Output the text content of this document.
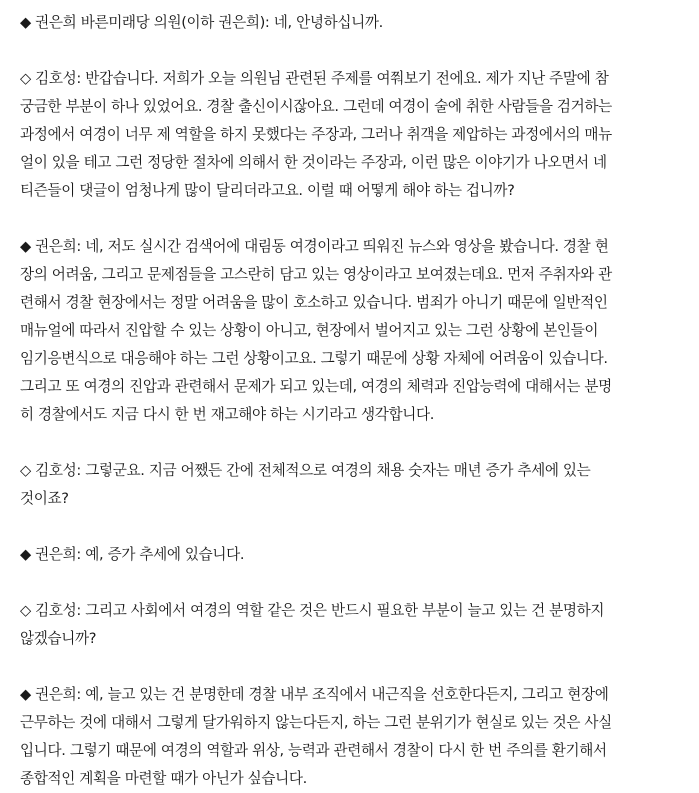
◆ 권은희 바른미래당 의원(이하 권은희): 네, 안녕하십니까.
◇ 김호성: 반갑습니다. 저희가 오늘 의원님 관련된 주제를 여쭤보기 전에요. 제가 지난 주말에 참
궁금한 부분이 하나 있었어요. 경찰 출신이시잖아요. 그런데 여경이 술에 취한 사람들을 검거하는
과정에서 여경이 너무 제 역할을 하지 못했다는 주장과, 그러나 취객을 제압하는 과정에서의 매뉴
얼이 있을 테고 그런 정당한 절차에 의해서 한 것이라는 주장과, 이런 많은 이야기가 나오면서 네
티즌들이 댓글이 엄청나게 많이 달리더라고요. 이럴 때 어떻게 해야 하는 겁니까?
◆ 권은희: 네, 저도 실시간 검색어에 대림동 여경이라고 띄워진 뉴스와 영상을 봤습니다. 경찰 현
장의 어려움, 그리고 문제점들을 고스란히 담고 있는 영상이라고 보여졌는데요. 먼저 주취자와 관
련해서 경찰 현장에서는 정말 어려움을 많이 호소하고 있습니다. 범죄가 아니기 때문에 일반적인
매뉴얼에 따라서 진압할 수 있는 상황이 아니고, 현장에서 벌어지고 있는 그런 상황에 본인들이
임기응변식으로 대응해야 하는 그런 상황이고요. 그렇기 때문에 상황 자체에 어려움이 있습니다.
그리고 또 여경의 진압과 관련해서 문제가 되고 있는데, 여경의 체력과 진압능력에 대해서는 분명
히 경찰에서도 지금 다시 한 번 재고해야 하는 시기라고 생각합니다.
◇ 김호성: 그렇군요. 지금 어쨌든 간에 전체적으로 여경의 채용 숫자는 매년 증가 추세에 있는
것이죠?
◆ 권은희: 예, 증가 추세에 있습니다.
◇ 김호성: 그리고 사회에서 여경의 역할 같은 것은 반드시 필요한 부분이 늘고 있는 건 분명하지
않겠습니까?
◆ 권은희: 예, 늘고 있는 건 분명한데 경찰 내부 조직에서 내근직을 선호한다든지, 그리고 현장에
근무하는 것에 대해서 그렇게 달가워하지 않는다든지, 하는 그런 분위기가 현실로 있는 것은 사실
입니다. 그렇기 때문에 여경의 역할과 위상, 능력과 관련해서 경찰이 다시 한 번 주의를 환기해서
종합적인 계획을 마련할 때가 아닌가 싶습니다.
